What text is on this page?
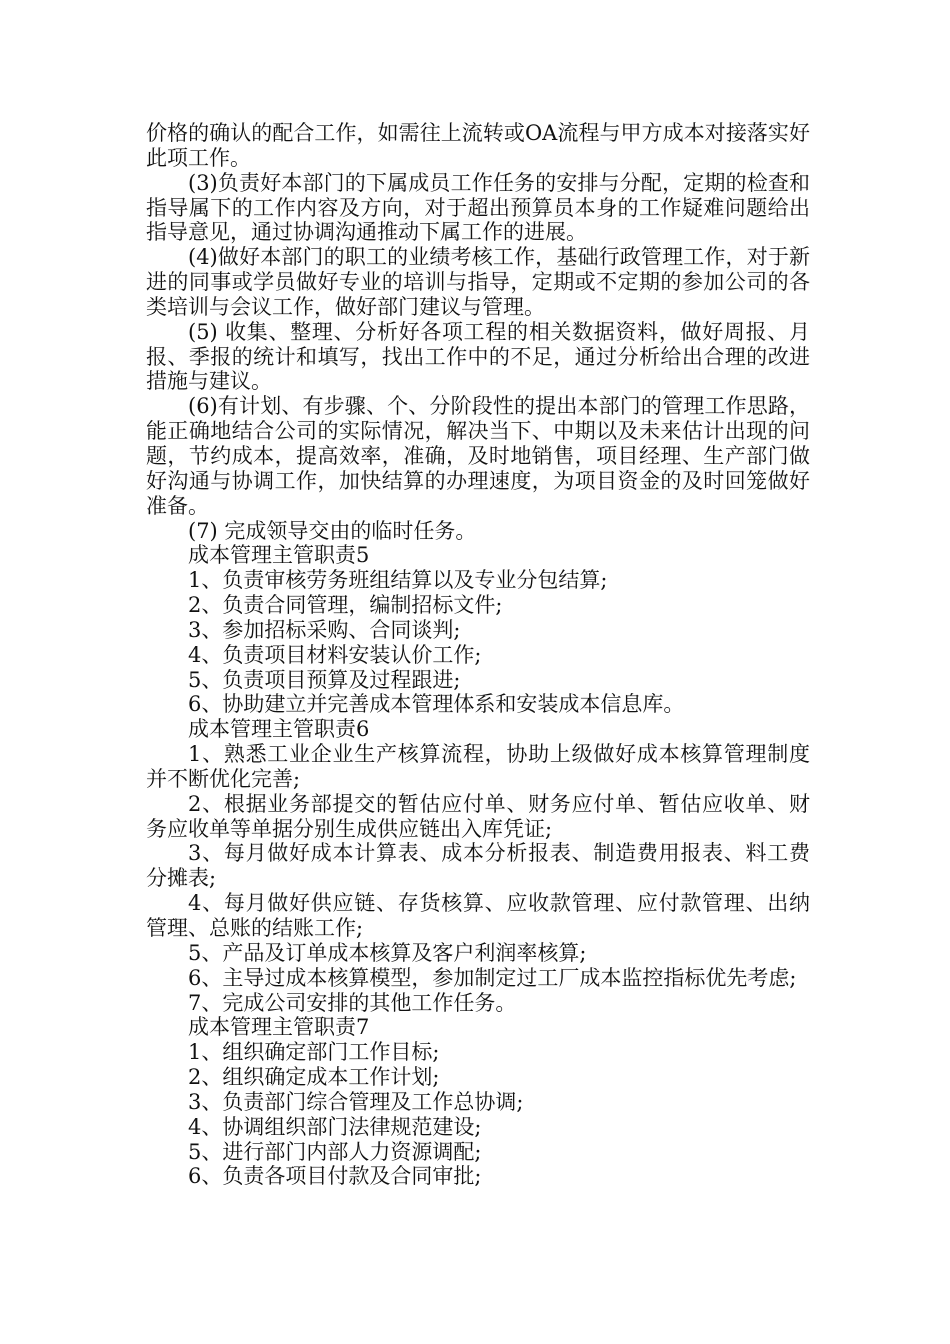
价格的确认的配合工作，如需往上流转或OA流程与甲方成本对接落实好此项工作。

(3)负责好本部门的下属成员工作任务的安排与分配，定期的检查和指导属下的工作内容及方向，对于超出预算员本身的工作疑难问题给出指导意见，通过协调沟通推动下属工作的进展。

(4)做好本部门的职工的业绩考核工作，基础行政管理工作，对于新进的同事或学员做好专业的培训与指导，定期或不定期的参加公司的各类培训与会议工作，做好部门建议与管理。

(5) 收集、整理、分析好各项工程的相关数据资料，做好周报、月报、季报的统计和填写，找出工作中的不足，通过分析给出合理的改进措施与建议。

(6)有计划、有步骤、个、分阶段性的提出本部门的管理工作思路，能正确地结合公司的实际情况，解决当下、中期以及未来估计出现的问题，节约成本，提高效率，准确，及时地销售，项目经理、生产部门做好沟通与协调工作，加快结算的办理速度，为项目资金的及时回笼做好准备。

(7) 完成领导交由的临时任务。

成本管理主管职责5

1、负责审核劳务班组结算以及专业分包结算;

2、负责合同管理，编制招标文件;

3、参加招标采购、合同谈判;

4、负责项目材料安装认价工作;

5、负责项目预算及过程跟进;

6、协助建立并完善成本管理体系和安装成本信息库。

成本管理主管职责6

1、熟悉工业企业生产核算流程，协助上级做好成本核算管理制度并不断优化完善;

2、根据业务部提交的暂估应付单、财务应付单、暂估应收单、财务应收单等单据分别生成供应链出入库凭证;

3、每月做好成本计算表、成本分析报表、制造费用报表、料工费分摊表;

4、每月做好供应链、存货核算、应收款管理、应付款管理、出纳管理、总账的结账工作;

5、产品及订单成本核算及客户利润率核算;

6、主导过成本核算模型，参加制定过工厂成本监控指标优先考虑;

7、完成公司安排的其他工作任务。

成本管理主管职责7

1、组织确定部门工作目标;

2、组织确定成本工作计划;

3、负责部门综合管理及工作总协调;

4、协调组织部门法律规范建设;

5、进行部门内部人力资源调配;

6、负责各项目付款及合同审批;
